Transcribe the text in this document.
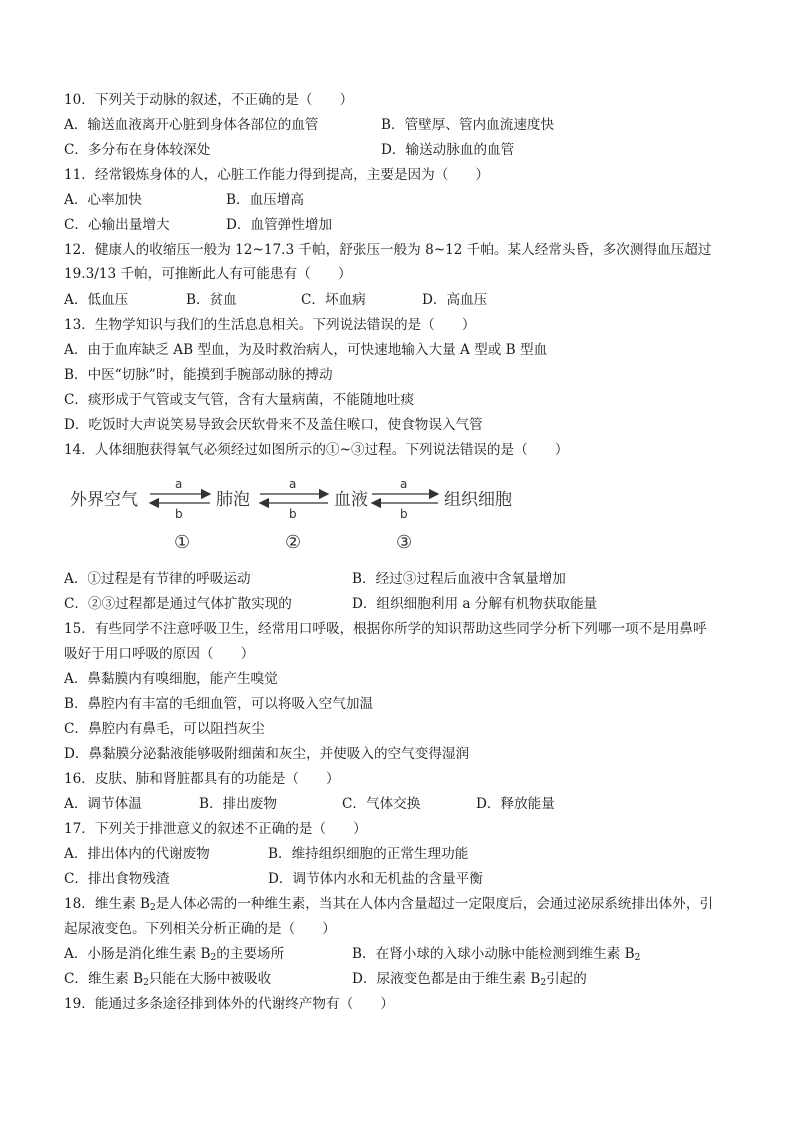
10．下列关于动脉的叙述，不正确的是（　　）
A．输送血液离开心脏到身体各部位的血管	B．管壁厚、管内血流速度快
C．多分布在身体较深处	D．输送动脉血的血管
11．经常锻炼身体的人，心脏工作能力得到提高，主要是因为（　　）
A．心率加快	B．血压增高
C．心输出量增大	D．血管弹性增加
12．健康人的收缩压一般为 12~17.3 千帕，舒张压一般为 8~12 千帕。某人经常头昏，多次测得血压超过
19.3/13 千帕，可推断此人有可能患有（　　）
A．低血压	B．贫血	C．坏血病	D．高血压
13．生物学知识与我们的生活息息相关。下列说法错误的是（　　）
A．由于血库缺乏 AB 型血，为及时救治病人，可快速地输入大量 A 型或 B 型血
B．中医“切脉”时，能摸到手腕部动脉的搏动
C．痰形成于气管或支气管，含有大量病菌，不能随地吐痰
D．吃饭时大声说笑易导致会厌软骨来不及盖住喉口，使食物误入气管
14．人体细胞获得氧气必须经过如图所示的①~③过程。下列说法错误的是（　　）
外界空气	肺泡	血液	组织细胞
a
b
①
a
b
②
a
b
③
A．①过程是有节律的呼吸运动	B．经过③过程后血液中含氧量增加
C．②③过程都是通过气体扩散实现的	D．组织细胞利用 a 分解有机物获取能量
15．有些同学不注意呼吸卫生，经常用口呼吸，根据你所学的知识帮助这些同学分析下列哪一项不是用鼻呼
吸好于用口呼吸的原因（　　）
A．鼻黏膜内有嗅细胞，能产生嗅觉
B．鼻腔内有丰富的毛细血管，可以将吸入空气加温
C．鼻腔内有鼻毛，可以阻挡灰尘
D．鼻黏膜分泌黏液能够吸附细菌和灰尘，并使吸入的空气变得湿润
16．皮肤、肺和肾脏都具有的功能是（　　）
A．调节体温	B．排出废物	C．气体交换	D．释放能量
17．下列关于排泄意义的叙述不正确的是（　　）
A．排出体内的代谢废物	B．维持组织细胞的正常生理功能
C．排出食物残渣	D．调节体内水和无机盐的含量平衡
18．维生素 $B_2$是人体必需的一种维生素，当其在人体内含量超过一定限度后，会通过泌尿系统排出体外，引
起尿液变色。下列相关分析正确的是（　　）
A．小肠是消化维生素 $B_2$的主要场所	B．在肾小球的入球小动脉中能检测到维生素 $B_2$
C．维生素 $B_2$只能在大肠中被吸收	D．尿液变色都是由于维生素 $B_2$引起的
19．能通过多条途径排到体外的代谢终产物有（　　）
